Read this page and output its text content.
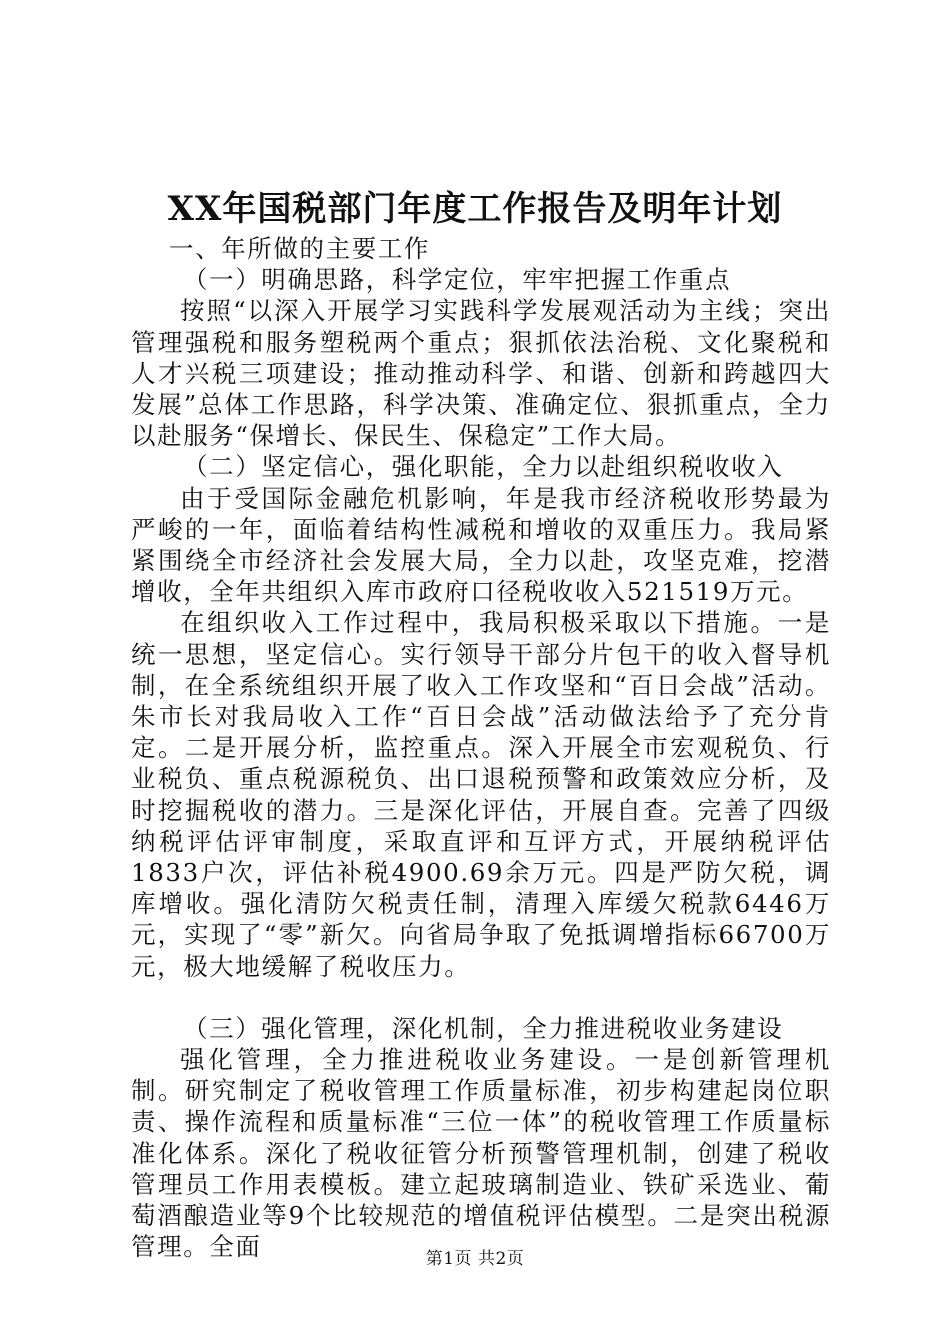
XX年国税部门年度工作报告及明年计划

一、年所做的主要工作

（一）明确思路，科学定位，牢牢把握工作重点

按照“以深入开展学习实践科学发展观活动为主线；突出管理强税和服务塑税两个重点；狠抓依法治税、文化聚税和人才兴税三项建设；推动推动科学、和谐、创新和跨越四大发展”总体工作思路，科学决策、准确定位、狠抓重点，全力以赴服务“保增长、保民生、保稳定”工作大局。

（二）坚定信心，强化职能，全力以赴组织税收收入

由于受国际金融危机影响，年是我市经济税收形势最为严峻的一年，面临着结构性减税和增收的双重压力。我局紧紧围绕全市经济社会发展大局，全力以赴，攻坚克难，挖潜增收，全年共组织入库市政府口径税收收入521519万元。

在组织收入工作过程中，我局积极采取以下措施。一是统一思想，坚定信心。实行领导干部分片包干的收入督导机制，在全系统组织开展了收入工作攻坚和“百日会战”活动。朱市长对我局收入工作“百日会战”活动做法给予了充分肯定。二是开展分析，监控重点。深入开展全市宏观税负、行业税负、重点税源税负、出口退税预警和政策效应分析，及时挖掘税收的潜力。三是深化评估，开展自查。完善了四级纳税评估评审制度，采取直评和互评方式，开展纳税评估1833户次，评估补税4900.69余万元。四是严防欠税，调库增收。强化清防欠税责任制，清理入库缓欠税款6446万元，实现了“零”新欠。向省局争取了免抵调增指标66700万元，极大地缓解了税收压力。

（三）强化管理，深化机制，全力推进税收业务建设

强化管理，全力推进税收业务建设。一是创新管理机制。研究制定了税收管理工作质量标准，初步构建起岗位职责、操作流程和质量标准“三位一体”的税收管理工作质量标准化体系。深化了税收征管分析预警管理机制，创建了税收管理员工作用表模板。建立起玻璃制造业、铁矿采选业、葡萄酒酿造业等9个比较规范的增值税评估模型。二是突出税源管理。全面	第1页 共2页
